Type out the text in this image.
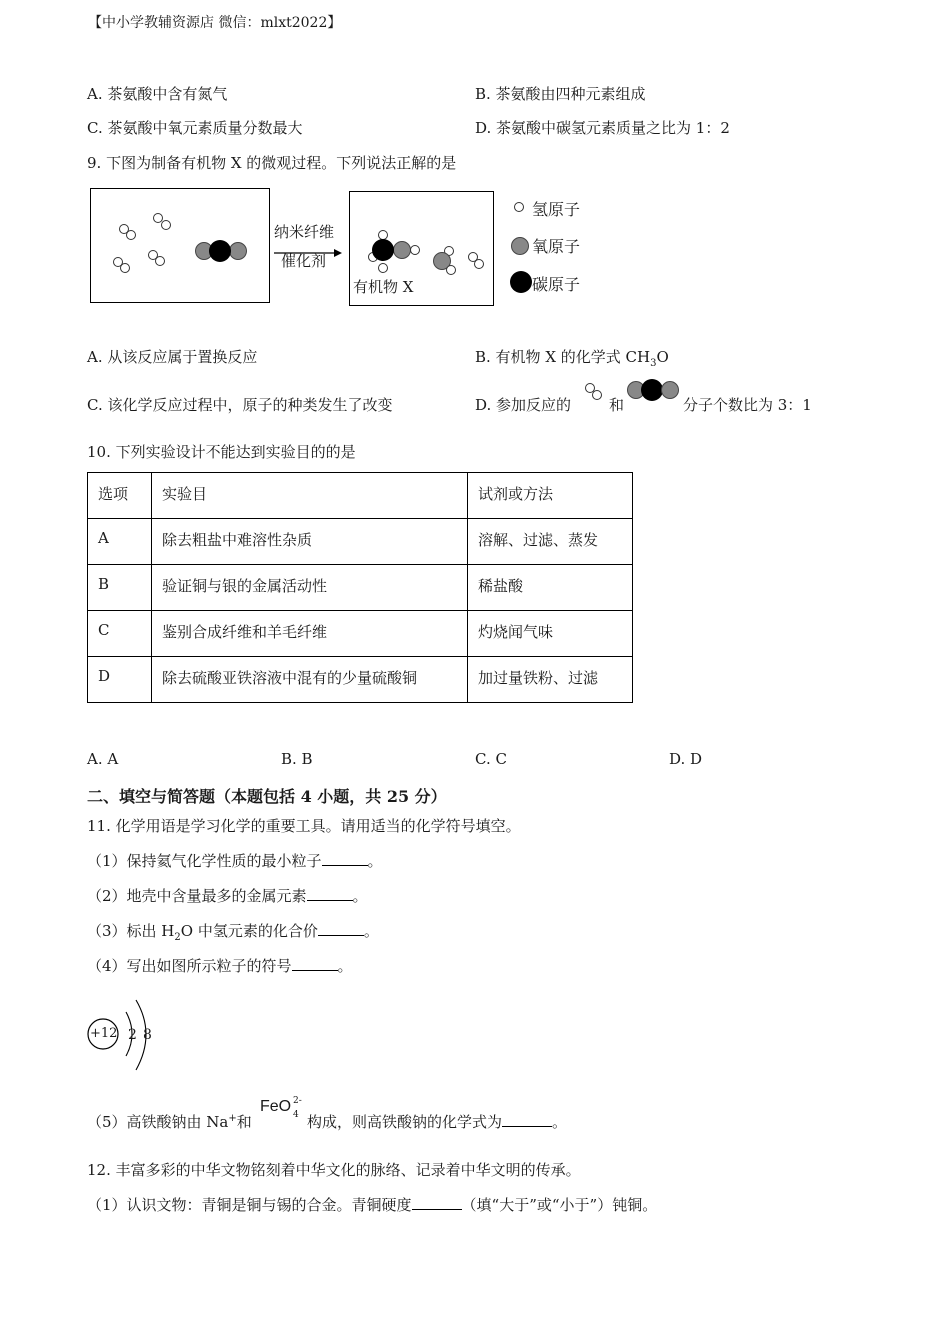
【中小学教辅资源店 微信：mlxt2022】
A. 茶氨酸中含有氮气	B. 茶氨酸由四种元素组成
C. 茶氨酸中氧元素质量分数最大	D. 茶氨酸中碳氢元素质量之比为 1：2
9. 下图为制备有机物 X 的微观过程。下列说法正解的是
纳米纤维
催化剂
有机物 X
氢原子
氧原子
碳原子
A. 从该反应属于置换反应	B. 有机物 X 的化学式 $CH_3O$
C. 该化学反应过程中，原子的种类发生了改变	D. 参加反应的	和	分子个数比为 3：1
10. 下列实验设计不能达到实验目的的是
选项	实验目	试剂或方法
A	除去粗盐中难溶性杂质	溶解、过滤、蒸发
B	验证铜与银的金属活动性	稀盐酸
C	鉴别合成纤维和羊毛纤维	灼烧闻气味
D	除去硫酸亚铁溶液中混有的少量硫酸铜	加过量铁粉、过滤
A. A	B. B	C. C	D. D
二、填空与简答题（本题包括 4 小题，共 25 分）
11. 化学用语是学习化学的重要工具。请用适当的化学符号填空。
（1）保持氦气化学性质的最小粒子	。
（2）地壳中含量最多的金属元素	。
（3）标出 $H_2O$ 中氢元素的化合价	。
（4）写出如图所示粒子的符号	。
+12 2 8
（5）高铁酸钠由 Na+和
FeO 2-
4 构成，则高铁酸钠的化学式为	。
12. 丰富多彩的中华文物铭刻着中华文化的脉络、记录着中华文明的传承。
（1）认识文物：青铜是铜与锡的合金。青铜硬度	（填“大于”或“小于”）钝铜。
